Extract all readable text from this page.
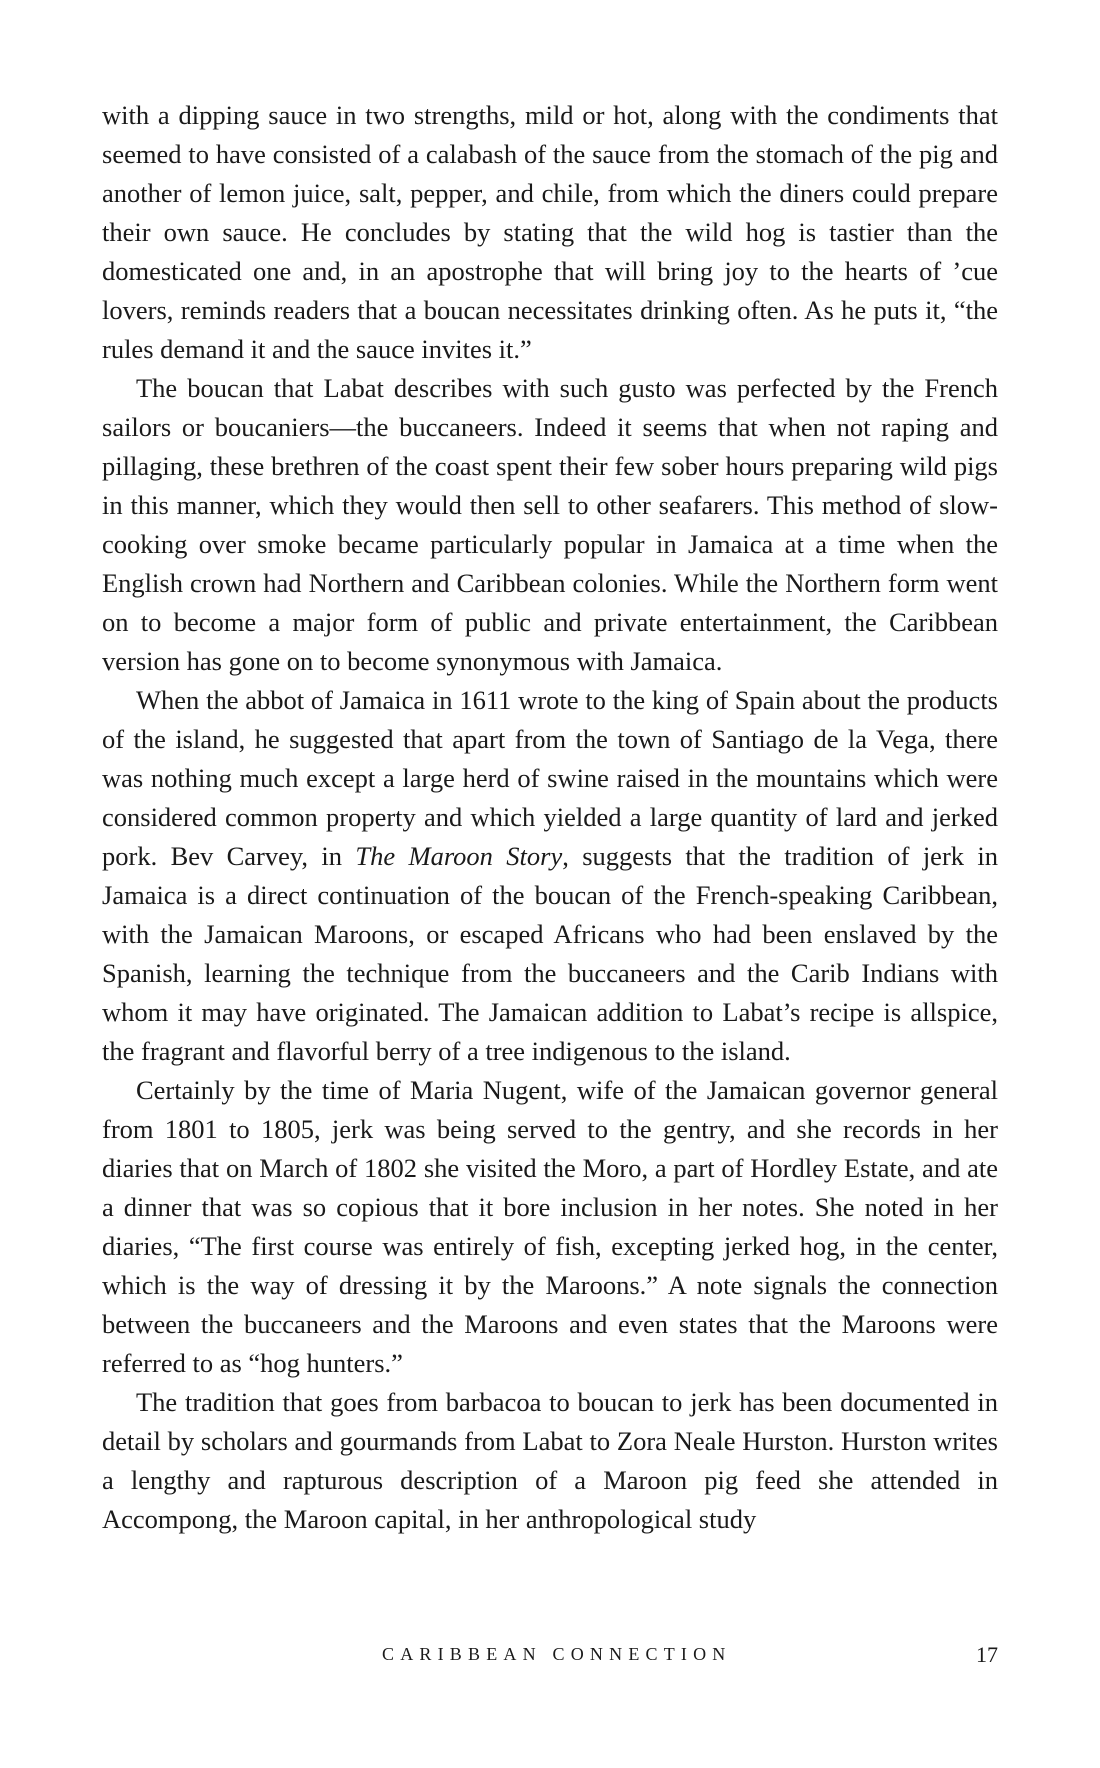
with a dipping sauce in two strengths, mild or hot, along with the condiments that seemed to have consisted of a calabash of the sauce from the stomach of the pig and another of lemon juice, salt, pepper, and chile, from which the diners could prepare their own sauce. He concludes by stating that the wild hog is tastier than the domesticated one and, in an apostrophe that will bring joy to the hearts of ’cue lovers, reminds readers that a boucan necessitates drinking often. As he puts it, “the rules demand it and the sauce invites it.”

The boucan that Labat describes with such gusto was perfected by the French sailors or boucaniers—the buccaneers. Indeed it seems that when not raping and pillaging, these brethren of the coast spent their few sober hours preparing wild pigs in this manner, which they would then sell to other seafarers. This method of slow-cooking over smoke became particularly popular in Jamaica at a time when the English crown had Northern and Caribbean colonies. While the Northern form went on to become a major form of public and private entertainment, the Caribbean version has gone on to become synonymous with Jamaica.

When the abbot of Jamaica in 1611 wrote to the king of Spain about the products of the island, he suggested that apart from the town of Santiago de la Vega, there was nothing much except a large herd of swine raised in the mountains which were considered common property and which yielded a large quantity of lard and jerked pork. Bev Carvey, in The Maroon Story, suggests that the tradition of jerk in Jamaica is a direct continuation of the boucan of the French-speaking Caribbean, with the Jamaican Maroons, or escaped Africans who had been enslaved by the Spanish, learning the technique from the buccaneers and the Carib Indians with whom it may have originated. The Jamaican addition to Labat’s recipe is allspice, the fragrant and flavorful berry of a tree indigenous to the island.

Certainly by the time of Maria Nugent, wife of the Jamaican governor general from 1801 to 1805, jerk was being served to the gentry, and she records in her diaries that on March of 1802 she visited the Moro, a part of Hordley Estate, and ate a dinner that was so copious that it bore inclusion in her notes. She noted in her diaries, “The first course was entirely of fish, excepting jerked hog, in the center, which is the way of dressing it by the Maroons.” A note signals the connection between the buccaneers and the Maroons and even states that the Maroons were referred to as “hog hunters.”

The tradition that goes from barbacoa to boucan to jerk has been documented in detail by scholars and gourmands from Labat to Zora Neale Hurston. Hurston writes a lengthy and rapturous description of a Maroon pig feed she attended in Accompong, the Maroon capital, in her anthropological study

CARIBBEAN CONNECTION	17
